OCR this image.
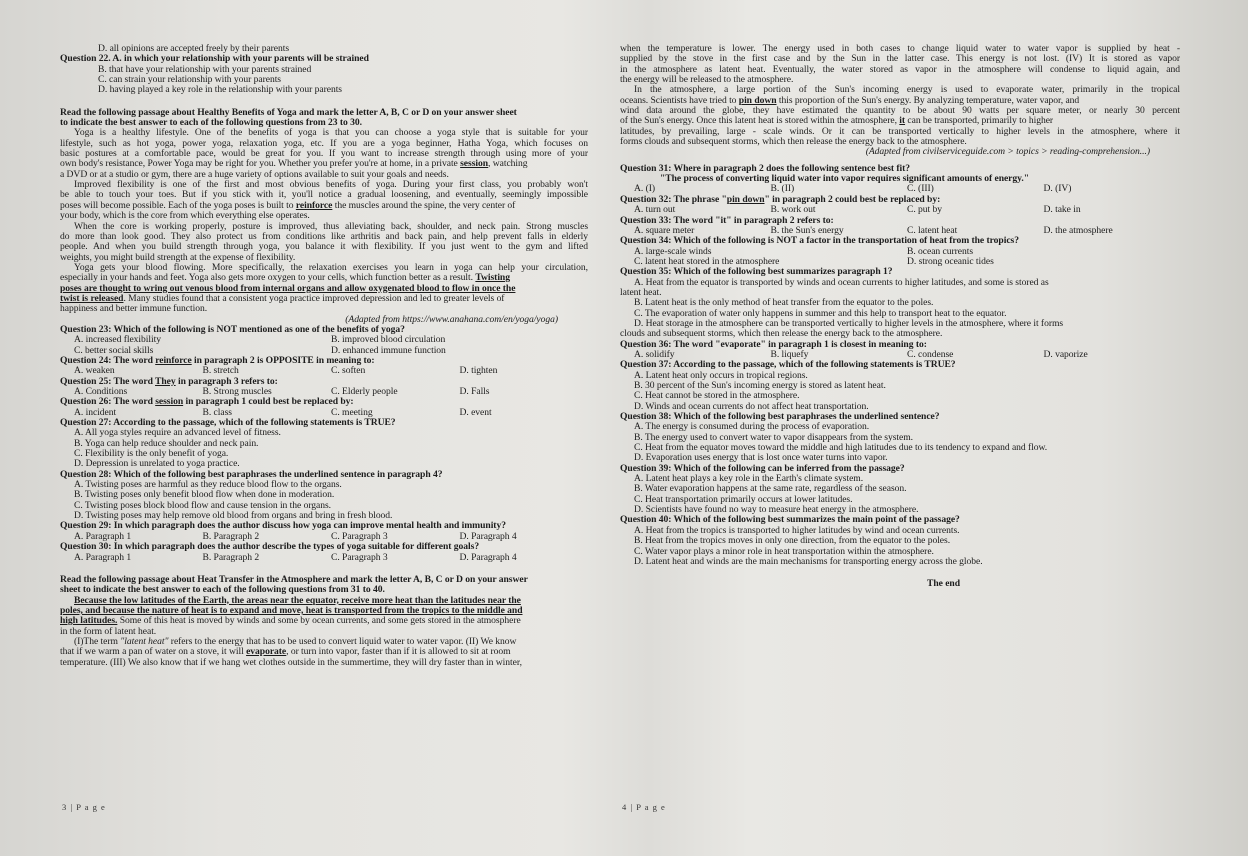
D. all opinions are accepted freely by their parents
Question 22. A. in which your relationship with your parents will be strained
B. that have your relationship with your parents strained
C. can strain your relationship with your parents
D. having played a key role in the relationship with your parents
Read the following passage about Healthy Benefits of Yoga and mark the letter A, B, C or D on your answer sheet
to indicate the best answer to each of the following questions from 23 to 30.
Yoga is a healthy lifestyle. One of the benefits of yoga is that you can choose a yoga style that is suitable for your
lifestyle, such as hot yoga, power yoga, relaxation yoga, etc. If you are a yoga beginner, Hatha Yoga, which focuses on
basic postures at a comfortable pace, would be great for you. If you want to increase strength through using more of your
own body's resistance, Power Yoga may be right for you. Whether you prefer you're at home, in a private session, watching
a DVD or at a studio or gym, there are a huge variety of options available to suit your goals and needs.
Improved flexibility is one of the first and most obvious benefits of yoga. During your first class, you probably won't
be able to touch your toes. But if you stick with it, you'll notice a gradual loosening, and eventually, seemingly impossible
poses will become possible. Each of the yoga poses is built to reinforce the muscles around the spine, the very center of
your body, which is the core from which everything else operates.
When the core is working properly, posture is improved, thus alleviating back, shoulder, and neck pain. Strong muscles
do more than look good. They also protect us from conditions like arthritis and back pain, and help prevent falls in elderly
people. And when you build strength through yoga, you balance it with flexibility. If you just went to the gym and lifted
weights, you might build strength at the expense of flexibility.
Yoga gets your blood flowing. More specifically, the relaxation exercises you learn in yoga can help your circulation,
especially in your hands and feet. Yoga also gets more oxygen to your cells, which function better as a result. Twisting
poses are thought to wring out venous blood from internal organs and allow oxygenated blood to flow in once the
twist is released. Many studies found that a consistent yoga practice improved depression and led to greater levels of
happiness and better immune function.
(Adapted from https://www.anahana.com/en/yoga/yoga)
Question 23: Which of the following is NOT mentioned as one of the benefits of yoga?
A. increased flexibility	B. improved blood circulation
C. better social skills	D. enhanced immune function
Question 24: The word reinforce in paragraph 2 is OPPOSITE in meaning to:
A. weaken	B. stretch	C. soften	D. tighten
Question 25: The word They in paragraph 3 refers to:
A. Conditions	B. Strong muscles	C. Elderly people	D. Falls
Question 26: The word session in paragraph 1 could best be replaced by:
A. incident	B. class	C. meeting	D. event
Question 27: According to the passage, which of the following statements is TRUE?
A. All yoga styles require an advanced level of fitness.
B. Yoga can help reduce shoulder and neck pain.
C. Flexibility is the only benefit of yoga.
D. Depression is unrelated to yoga practice.
Question 28: Which of the following best paraphrases the underlined sentence in paragraph 4?
A. Twisting poses are harmful as they reduce blood flow to the organs.
B. Twisting poses only benefit blood flow when done in moderation.
C. Twisting poses block blood flow and cause tension in the organs.
D. Twisting poses may help remove old blood from organs and bring in fresh blood.
Question 29: In which paragraph does the author discuss how yoga can improve mental health and immunity?
A. Paragraph 1	B. Paragraph 2	C. Paragraph 3	D. Paragraph 4
Question 30: In which paragraph does the author describe the types of yoga suitable for different goals?
A. Paragraph 1	B. Paragraph 2	C. Paragraph 3	D. Paragraph 4
Read the following passage about Heat Transfer in the Atmosphere and mark the letter A, B, C or D on your answer
sheet to indicate the best answer to each of the following questions from 31 to 40.
Because the low latitudes of the Earth, the areas near the equator, receive more heat than the latitudes near the
poles, and because the nature of heat is to expand and move, heat is transported from the tropics to the middle and
high latitudes. Some of this heat is moved by winds and some by ocean currents, and some gets stored in the atmosphere
in the form of latent heat.
(I)The term "latent heat" refers to the energy that has to be used to convert liquid water to water vapor. (II) We know
that if we warm a pan of water on a stove, it will evaporate, or turn into vapor, faster than if it is allowed to sit at room
temperature. (III) We also know that if we hang wet clothes outside in the summertime, they will dry faster than in winter,
3 | P a g e
when the temperature is lower. The energy used in both cases to change liquid water to water vapor is supplied by heat -
supplied by the stove in the first case and by the Sun in the latter case. This energy is not lost. (IV) It is stored as vapor
in the atmosphere as latent heat. Eventually, the water stored as vapor in the atmosphere will condense to liquid again, and
the energy will be released to the atmosphere.
In the atmosphere, a large portion of the Sun's incoming energy is used to evaporate water, primarily in the tropical
oceans. Scientists have tried to pin down this proportion of the Sun's energy. By analyzing temperature, water vapor, and
wind data around the globe, they have estimated the quantity to be about 90 watts per square meter, or nearly 30 percent
of the Sun's energy. Once this latent heat is stored within the atmosphere, it can be transported, primarily to higher
latitudes, by prevailing, large - scale winds. Or it can be transported vertically to higher levels in the atmosphere, where it
forms clouds and subsequent storms, which then release the energy back to the atmosphere.
(Adapted from civilserviceguide.com > topics > reading-comprehension...)
Question 31: Where in paragraph 2 does the following sentence best fit?
"The process of converting liquid water into vapor requires significant amounts of energy."
A. (I)	B. (II)	C. (III)	D. (IV)
Question 32: The phrase "pin down" in paragraph 2 could best be replaced by:
A. turn out	B. work out	C. put by	D. take in
Question 33: The word "it" in paragraph 2 refers to:
A. square meter	B. the Sun's energy	C. latent heat	D. the atmosphere
Question 34: Which of the following is NOT a factor in the transportation of heat from the tropics?
A. large-scale winds	B. ocean currents
C. latent heat stored in the atmosphere	D. strong oceanic tides
Question 35: Which of the following best summarizes paragraph 1?
A. Heat from the equator is transported by winds and ocean currents to higher latitudes, and some is stored as
latent heat.
B. Latent heat is the only method of heat transfer from the equator to the poles.
C. The evaporation of water only happens in summer and this help to transport heat to the equator.
D. Heat storage in the atmosphere can be transported vertically to higher levels in the atmosphere, where it forms
clouds and subsequent storms, which then release the energy back to the atmosphere.
Question 36: The word "evaporate" in paragraph 1 is closest in meaning to:
A. solidify	B. liquefy	C. condense	D. vaporize
Question 37: According to the passage, which of the following statements is TRUE?
A. Latent heat only occurs in tropical regions.
B. 30 percent of the Sun's incoming energy is stored as latent heat.
C. Heat cannot be stored in the atmosphere.
D. Winds and ocean currents do not affect heat transportation.
Question 38: Which of the following best paraphrases the underlined sentence?
A. The energy is consumed during the process of evaporation.
B. The energy used to convert water to vapor disappears from the system.
C. Heat from the equator moves toward the middle and high latitudes due to its tendency to expand and flow.
D. Evaporation uses energy that is lost once water turns into vapor.
Question 39: Which of the following can be inferred from the passage?
A. Latent heat plays a key role in the Earth's climate system.
B. Water evaporation happens at the same rate, regardless of the season.
C. Heat transportation primarily occurs at lower latitudes.
D. Scientists have found no way to measure heat energy in the atmosphere.
Question 40: Which of the following best summarizes the main point of the passage?
A. Heat from the tropics is transported to higher latitudes by wind and ocean currents.
B. Heat from the tropics moves in only one direction, from the equator to the poles.
C. Water vapor plays a minor role in heat transportation within the atmosphere.
D. Latent heat and winds are the main mechanisms for transporting energy across the globe.
The end
4 | P a g e
